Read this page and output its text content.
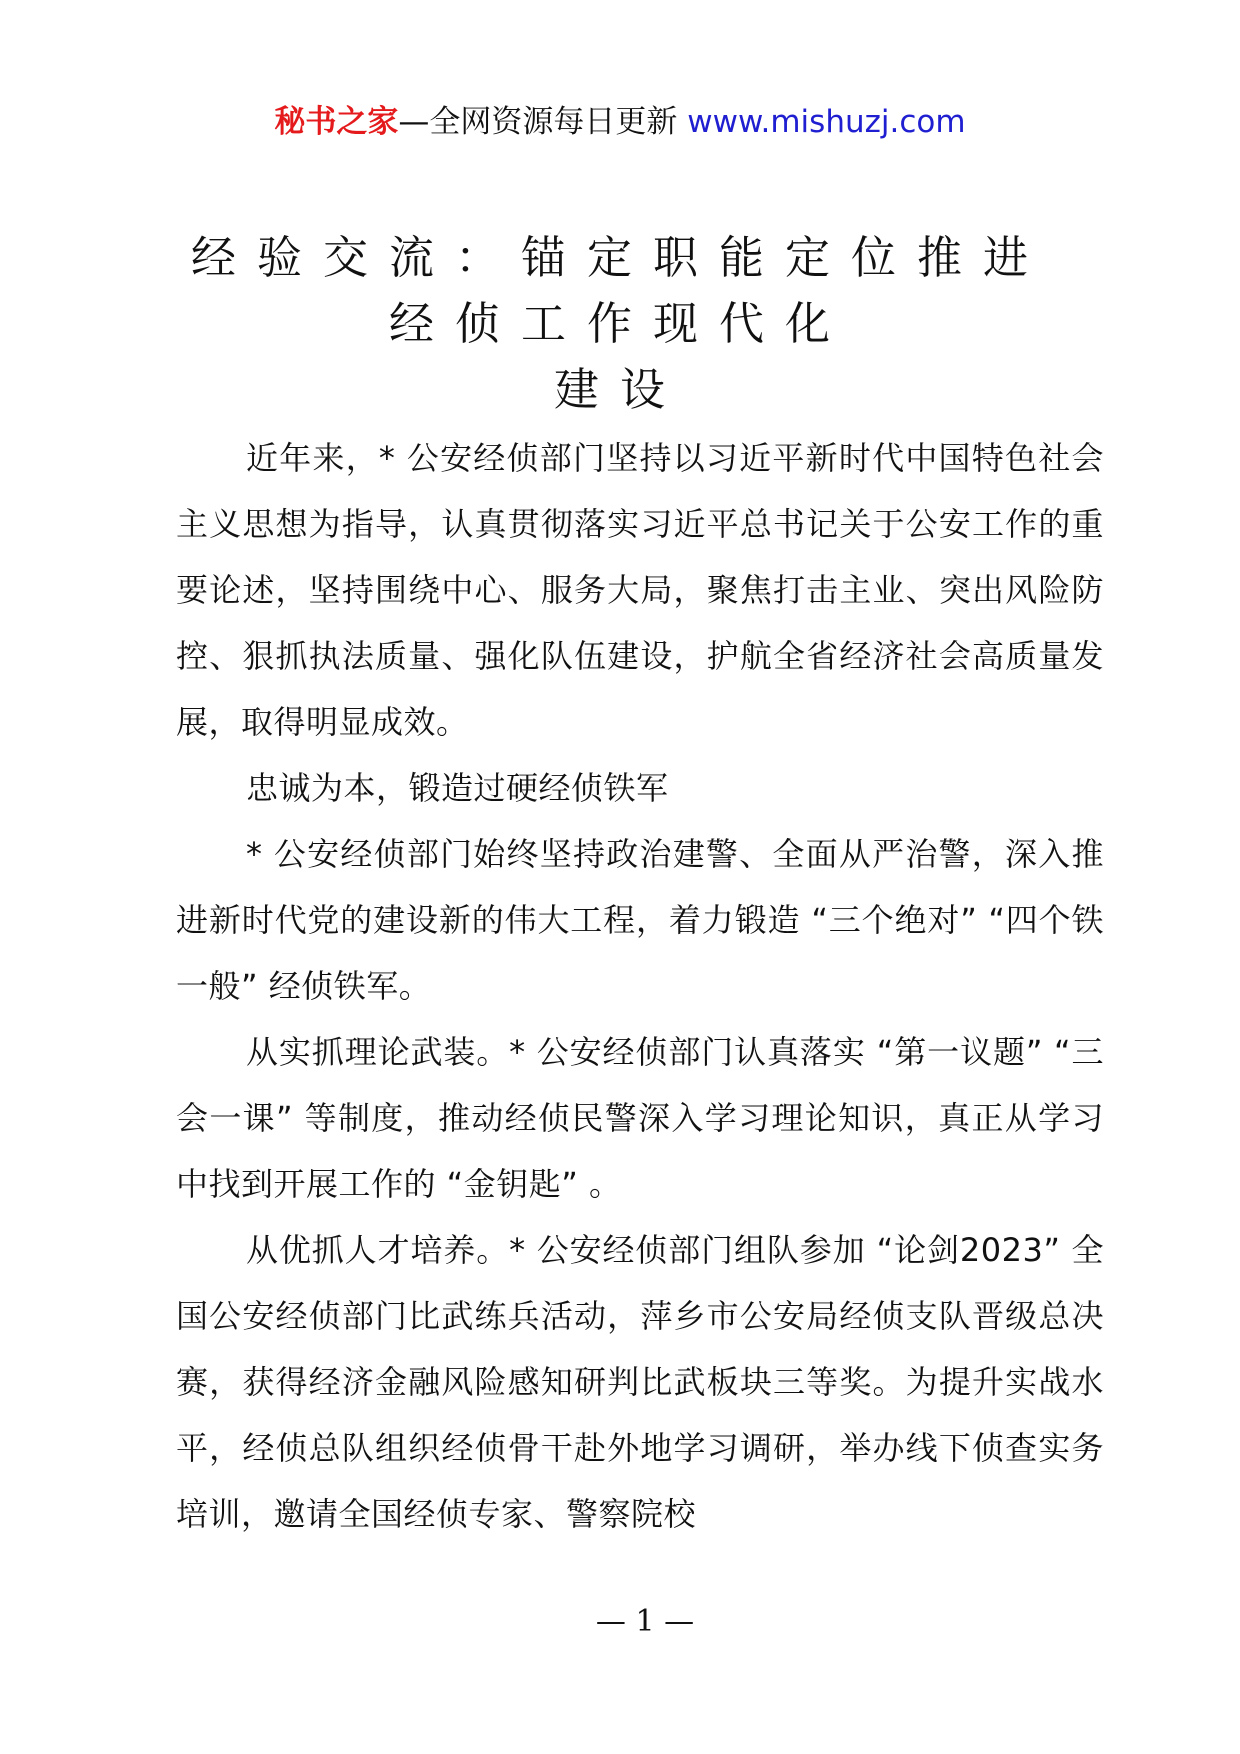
秘书之家—全网资源每日更新 www.mishuzj.com
经验交流：锚定职能定位推进
经侦工作现代化
建设

近年来，* 公安经侦部门坚持以习近平新时代中国特色社会主义思想为指导，认真贯彻落实习近平总书记关于公安工作的重要论述，坚持围绕中心、服务大局，聚焦打击主业、突出风险防控、狠抓执法质量、强化队伍建设，护航全省经济社会高质量发展，取得明显成效。

忠诚为本，锻造过硬经侦铁军

* 公安经侦部门始终坚持政治建警、全面从严治警，深入推进新时代党的建设新的伟大工程，着力锻造 “三个绝对” “四个铁一般” 经侦铁军。

从实抓理论武装。* 公安经侦部门认真落实 “第一议题” “三会一课” 等制度，推动经侦民警深入学习理论知识，真正从学习中找到开展工作的 “金钥匙” 。

从优抓人才培养。* 公安经侦部门组队参加 “论剑2023” 全国公安经侦部门比武练兵活动，萍乡市公安局经侦支队晋级总决赛，获得经济金融风险感知研判比武板块三等奖。为提升实战水平，经侦总队组织经侦骨干赴外地学习调研，举办线下侦查实务培训，邀请全国经侦专家、警察院校

— 1 —
